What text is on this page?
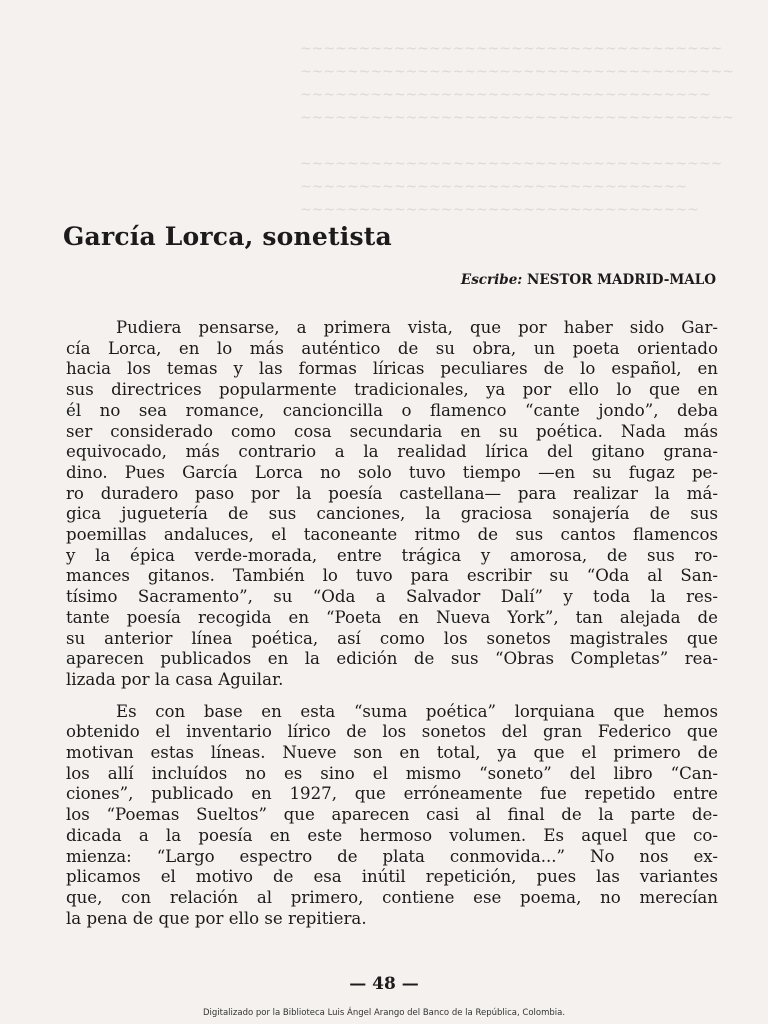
~~~~~~~~~~~~~~~~~~~~~~~~~~~~~~~~~~~~
~~~~~~~~~~~~~~~~~~~~~~~~~~~~~~~~~~~~~
~~~~~~~~~~~~~~~~~~~~~~~~~~~~~~~~~~~
~~~~~~~~~~~~~~~~~~~~~~~~~~~~~~~~~~~~~

~~~~~~~~~~~~~~~~~~~~~~~~~~~~~~~~~~~~
~~~~~~~~~~~~~~~~~~~~~~~~~~~~~~~~~
~~~~~~~~~~~~~~~~~~~~~~~~~~~~~~~~~~

García Lorca, sonetista
Escribe: NESTOR MADRID-MALO

Pudiera pensarse, a primera vista, que por haber sido Gar-
cía Lorca, en lo más auténtico de su obra, un poeta orientado
hacia los temas y las formas líricas peculiares de lo español, en
sus directrices popularmente tradicionales, ya por ello lo que en
él no sea romance, cancioncilla o flamenco “cante jondo”, deba
ser considerado como cosa secundaria en su poética. Nada más
equivocado, más contrario a la realidad lírica del gitano grana-
dino. Pues García Lorca no solo tuvo tiempo —en su fugaz pe-
ro duradero paso por la poesía castellana— para realizar la má-
gica juguetería de sus canciones, la graciosa sonajería de sus
poemillas andaluces, el taconeante ritmo de sus cantos flamencos
y la épica verde-morada, entre trágica y amorosa, de sus ro-
mances gitanos. También lo tuvo para escribir su “Oda al San-
tísimo Sacramento”, su “Oda a Salvador Dalí” y toda la res-
tante poesía recogida en “Poeta en Nueva York”, tan alejada de
su anterior línea poética, así como los sonetos magistrales que
aparecen publicados en la edición de sus “Obras Completas” rea-
lizada por la casa Aguilar.

Es con base en esta “suma poética” lorquiana que hemos
obtenido el inventario lírico de los sonetos del gran Federico que
motivan estas líneas. Nueve son en total, ya que el primero de
los allí incluídos no es sino el mismo “soneto” del libro “Can-
ciones”, publicado en 1927, que erróneamente fue repetido entre
los “Poemas Sueltos” que aparecen casi al final de la parte de-
dicada a la poesía en este hermoso volumen. Es aquel que co-
mienza: “Largo espectro de plata conmovida...” No nos ex-
plicamos el motivo de esa inútil repetición, pues las variantes
que, con relación al primero, contiene ese poema, no merecían
la pena de que por ello se repitiera.

— 48 —
Digitalizado por la Biblioteca Luis Ángel Arango del Banco de la República, Colombia.
